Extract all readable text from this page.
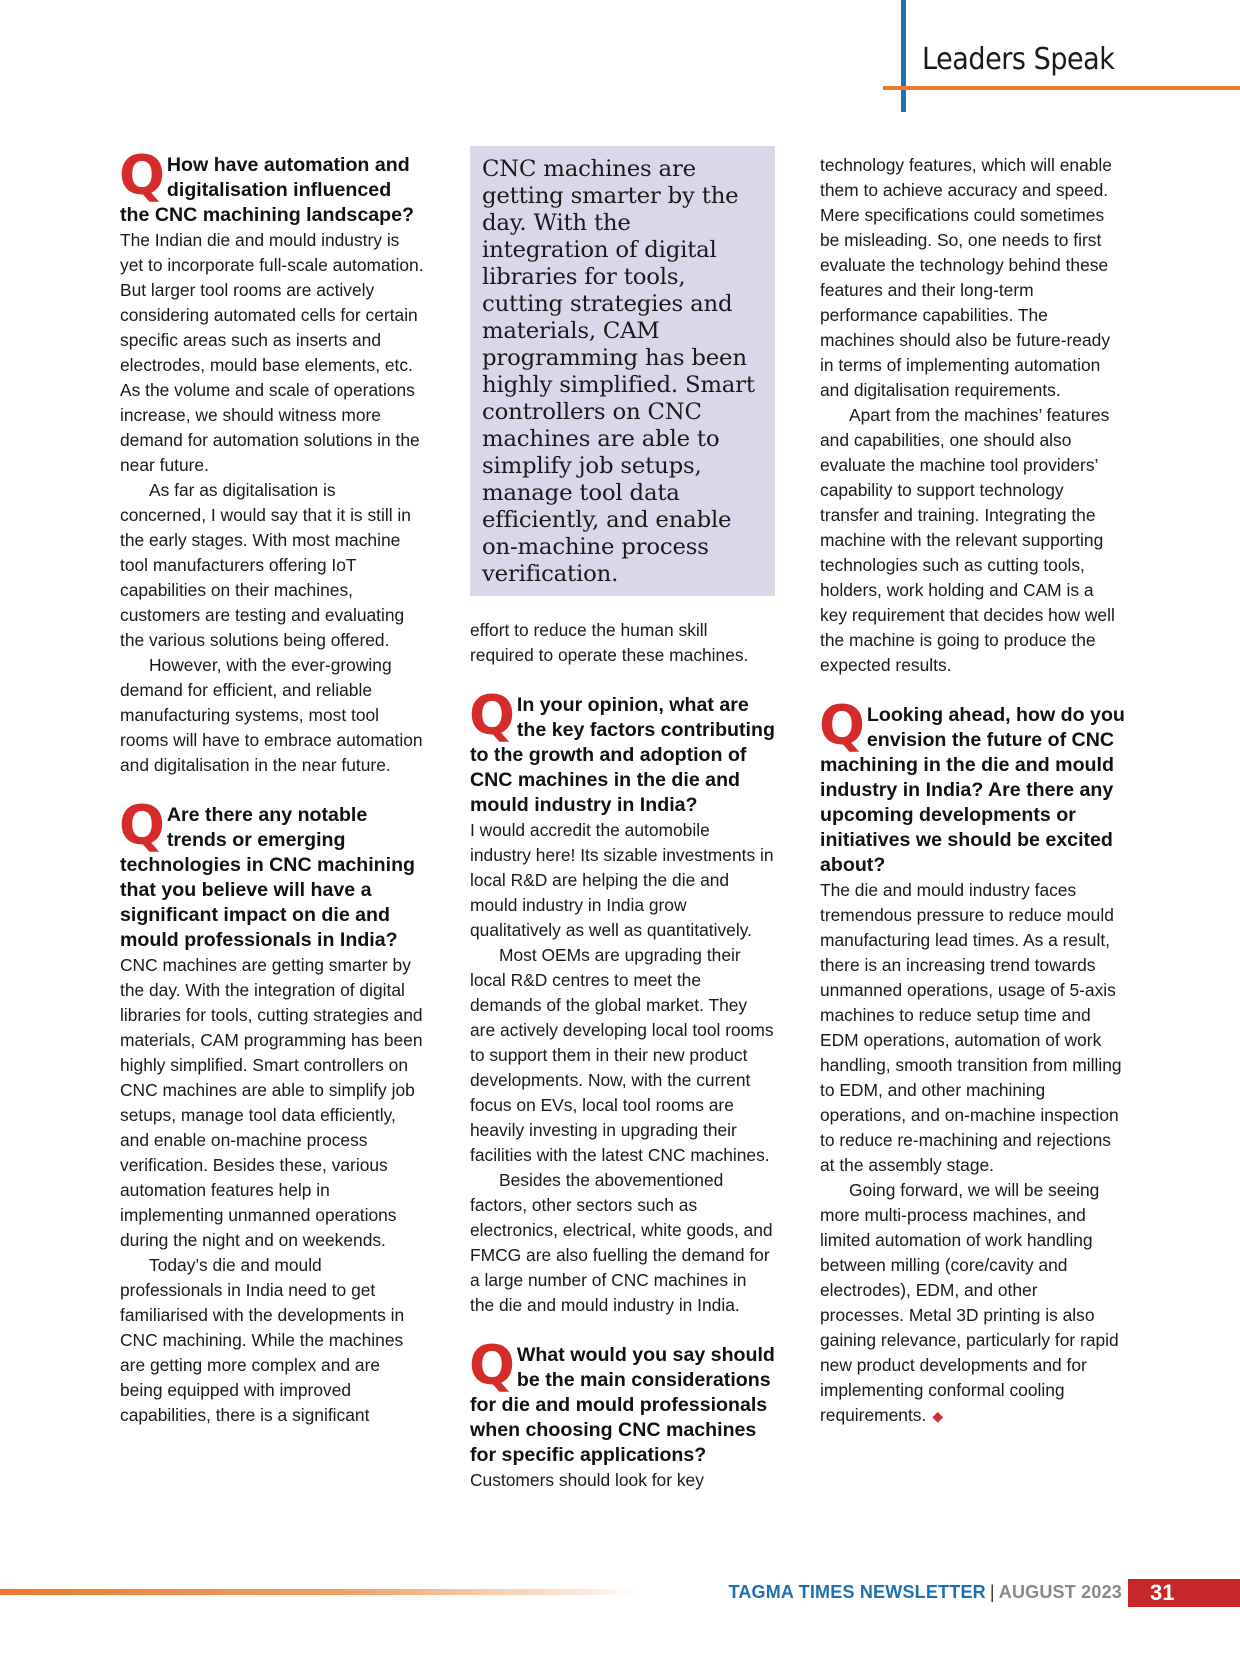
Leaders Speak
Q How have automation and digitalisation influenced the CNC machining landscape?

The Indian die and mould industry is yet to incorporate full-scale automation. But larger tool rooms are actively considering automated cells for certain specific areas such as inserts and electrodes, mould base elements, etc. As the volume and scale of operations increase, we should witness more demand for automation solutions in the near future.

As far as digitalisation is concerned, I would say that it is still in the early stages. With most machine tool manufacturers offering IoT capabilities on their machines, customers are testing and evaluating the various solutions being offered.

However, with the ever-growing demand for efficient, and reliable manufacturing systems, most tool rooms will have to embrace automation and digitalisation in the near future.

Q Are there any notable trends or emerging technologies in CNC machining that you believe will have a significant impact on die and mould professionals in India?

CNC machines are getting smarter by the day. With the integration of digital libraries for tools, cutting strategies and materials, CAM programming has been highly simplified. Smart controllers on CNC machines are able to simplify job setups, manage tool data efficiently, and enable on-machine process verification. Besides these, various automation features help in implementing unmanned operations during the night and on weekends.

Today’s die and mould professionals in India need to get familiarised with the developments in CNC machining. While the machines are getting more complex and are being equipped with improved capabilities, there is a significant

CNC machines are getting smarter by the day. With the integration of digital libraries for tools, cutting strategies and materials, CAM programming has been highly simplified. Smart controllers on CNC machines are able to simplify job setups, manage tool data efficiently, and enable on-machine process verification.

effort to reduce the human skill required to operate these machines.

Q In your opinion, what are the key factors contributing to the growth and adoption of CNC machines in the die and mould industry in India?

I would accredit the automobile industry here! Its sizable investments in local R&D are helping the die and mould industry in India grow qualitatively as well as quantitatively.

Most OEMs are upgrading their local R&D centres to meet the demands of the global market. They are actively developing local tool rooms to support them in their new product developments. Now, with the current focus on EVs, local tool rooms are heavily investing in upgrading their facilities with the latest CNC machines.

Besides the abovementioned factors, other sectors such as electronics, electrical, white goods, and FMCG are also fuelling the demand for a large number of CNC machines in the die and mould industry in India.

Q What would you say should be the main considerations for die and mould professionals when choosing CNC machines for specific applications?

Customers should look for key

technology features, which will enable them to achieve accuracy and speed. Mere specifications could sometimes be misleading. So, one needs to first evaluate the technology behind these features and their long-term performance capabilities. The machines should also be future-ready in terms of implementing automation and digitalisation requirements.

Apart from the machines’ features and capabilities, one should also evaluate the machine tool providers’ capability to support technology transfer and training. Integrating the machine with the relevant supporting technologies such as cutting tools, holders, work holding and CAM is a key requirement that decides how well the machine is going to produce the expected results.

Q Looking ahead, how do you envision the future of CNC machining in the die and mould industry in India? Are there any upcoming developments or initiatives we should be excited about?

The die and mould industry faces tremendous pressure to reduce mould manufacturing lead times. As a result, there is an increasing trend towards unmanned operations, usage of 5-axis machines to reduce setup time and EDM operations, automation of work handling, smooth transition from milling to EDM, and other machining operations, and on-machine inspection to reduce re-machining and rejections at the assembly stage.

Going forward, we will be seeing more multi-process machines, and limited automation of work handling between milling (core/cavity and electrodes), EDM, and other processes. Metal 3D printing is also gaining relevance, particularly for rapid new product developments and for implementing conformal cooling requirements. ◆

TAGMA TIMES NEWSLETTER | AUGUST 2023	31
